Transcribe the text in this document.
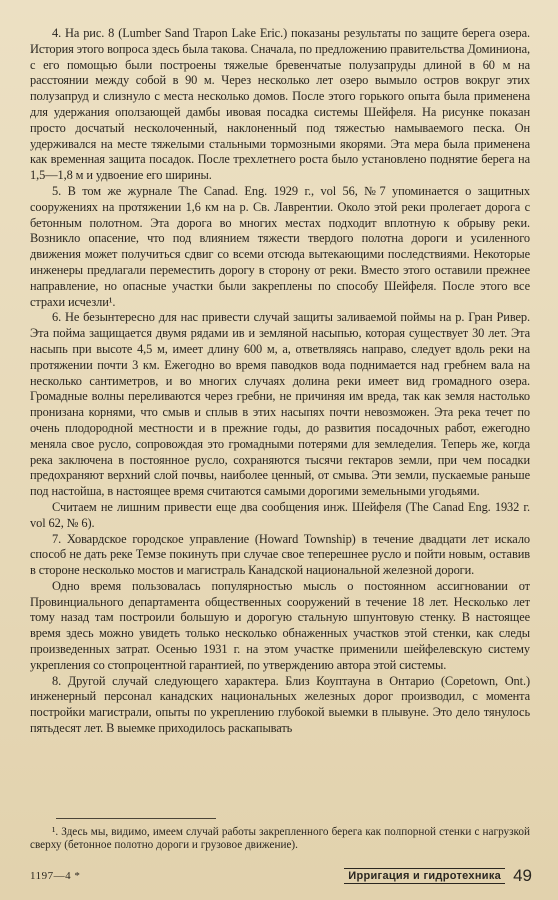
4. На рис. 8 (Lumber Sand Trapon Lake Eric.) показаны результаты по защите берега озера. История этого вопроса здесь была такова. Сначала, по предложению правительства Доминиона, с его помощью были построены тяжелые бревенчатые полузапруды длиной в 60 м на расстоянии между собой в 90 м. Через несколько лет озеро вымыло остров вокруг этих полузапруд и слизнуло с места несколько домов. После этого горького опыта была применена для удержания оползающей дамбы ивовая посадка системы Шейфеля. На рисунке показан просто досчатый несколоченный, наклоненный под тяжестью намываемого песка. Он удерживался на месте тяжелыми стальными тормозными якорями. Эта мера была применена как временная защита посадок. После трехлетнего роста было установлено поднятие берега на 1,5—1,8 м и удвоение его ширины.

5. В том же журнале The Canad. Eng. 1929 г., vol 56, №7 упоминается о защитных сооружениях на протяжении 1,6 км на р. Св. Лаврентии. Около этой реки пролегает дорога с бетонным полотном. Эта дорога во многих местах подходит вплотную к обрыву реки. Возникло опасение, что под влиянием тяжести твердого полотна дороги и усиленного движения может получиться сдвиг со всеми отсюда вытекающими последствиями. Некоторые инженеры предлагали переместить дорогу в сторону от реки. Вместо этого оставили прежнее направление, но опасные участки были закреплены по способу Шейфеля. После этого все страхи исчезли¹.

6. Не безынтересно для нас привести случай защиты заливаемой поймы на р. Гран Ривер. Эта пойма защищается двумя рядами ив и земляной насыпью, которая существует 30 лет. Эта насыпь при высоте 4,5 м, имеет длину 600 м, а, ответвляясь направо, следует вдоль реки на протяжении почти 3 км. Ежегодно во время паводков вода поднимается над гребнем вала на несколько сантиметров, и во многих случаях долина реки имеет вид громадного озера. Громадные волны переливаются через гребни, не причиняя им вреда, так как земля настолько пронизана корнями, что смыв и сплыв в этих насыпях почти невозможен. Эта река течет по очень плодородной местности и в прежние годы, до развития посадочных работ, ежегодно меняла свое русло, сопровождая это громадными потерями для земледелия. Теперь же, когда река заключена в постоянное русло, сохраняются тысячи гектаров земли, при чем посадки предохраняют верхний слой почвы, наиболее ценный, от смыва. Эти земли, пускаемые раньше под настойша, в настоящее время считаются самыми дорогими земельными угодьями.

Считаем не лишним привести еще два сообщения инж. Шейфеля (The Canad Eng. 1932 г. vol 62, № 6).

7. Ховардское городское управление (Howard Township) в течение двадцати лет искало способ не дать реке Темзе покинуть при случае свое теперешнее русло и пойти новым, оставив в стороне несколько мостов и магистраль Канадской национальной железной дороги.

Одно время пользовалась популярностью мысль о постоянном ассигновании от Провинциального департамента общественных сооружений в течение 18 лет. Несколько лет тому назад там построили большую и дорогую стальную шпунтовую стенку. В настоящее время здесь можно увидеть только несколько обнаженных участков этой стенки, как следы произведенных затрат. Осенью 1931 г. на этом участке применили шейфелевскую систему укрепления со стопроцентной гарантией, по утверждению автора этой системы.

8. Другой случай следующего характера. Близ Коуптауна в Онтарио (Copetown, Ont.) инженерный персонал канадских национальных железных дорог производил, с момента постройки магистрали, опыты по укреплению глубокой выемки в плывуне. Это дело тянулось пятьдесят лет. В выемке приходилось раскапывать

¹. Здесь мы, видимо, имеем случай работы закрепленного берега как полпорной стенки с нагрузкой сверху (бетонное полотно дороги и грузовое движение).
1197—4 *	Ирригация и гидротехника 49
